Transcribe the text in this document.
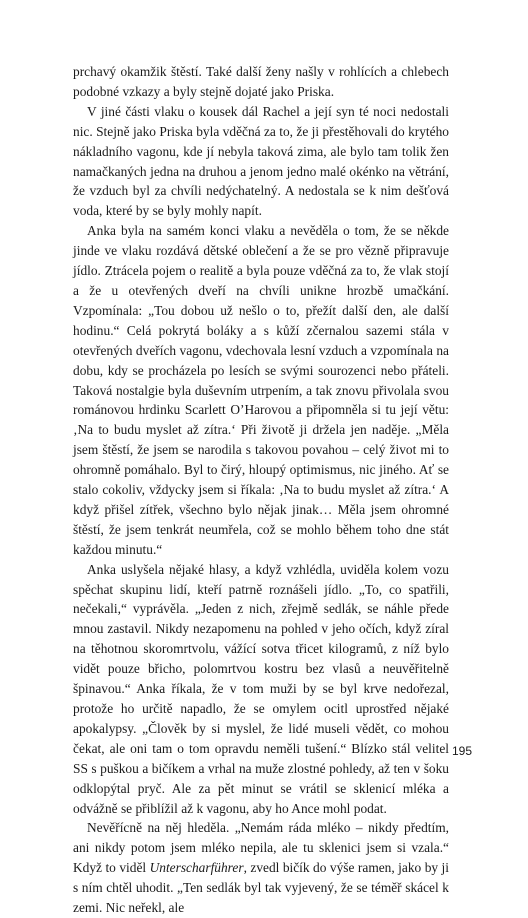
prchavý okamžik štěstí. Také další ženy našly v rohlících a chlebech podobné vzkazy a byly stejně dojaté jako Priska.

V jiné části vlaku o kousek dál Rachel a její syn té noci nedostali nic. Stejně jako Priska byla vděčná za to, že ji přestěhovali do krytého nákladního vagonu, kde jí nebyla taková zima, ale bylo tam tolik žen namačkaných jedna na druhou a jenom jedno malé okénko na větrání, že vzduch byl za chvíli nedýchatelný. A nedostala se k nim dešťová voda, které by se byly mohly napít.

Anka byla na samém konci vlaku a nevěděla o tom, že se někde jinde ve vlaku rozdává dětské oblečení a že se pro vězně připravuje jídlo. Ztrácela pojem o realitě a byla pouze vděčná za to, že vlak stojí a že u otevřených dveří na chvíli unikne hrozbě umačkání. Vzpomínala: „Tou dobou už nešlo o to, přežít další den, ale další hodinu.“ Celá pokrytá boláky a s kůží zčernalou sazemi stála v otevřených dveřích vagonu, vdechovala lesní vzduch a vzpomínala na dobu, kdy se procházela po lesích se svými sourozenci nebo přáteli. Taková nostalgie byla duševním utrpením, a tak znovu přivolala svou románovou hrdinku Scarlett O’Harovou a připomněla si tu její větu: ‚Na to budu myslet až zítra.‘ Při životě ji držela jen naděje. „Měla jsem štěstí, že jsem se narodila s takovou povahou – celý život mi to ohromně pomáhalo. Byl to čirý, hloupý optimismus, nic jiného. Ať se stalo cokoliv, vždycky jsem si říkala: ‚Na to budu myslet až zítra.‘ A když přišel zítřek, všechno bylo nějak jinak… Měla jsem ohromné štěstí, že jsem tenkrát neumřela, což se mohlo během toho dne stát každou minutu.“

Anka uslyšela nějaké hlasy, a když vzhlédla, uviděla kolem vozu spěchat skupinu lidí, kteří patrně roznášeli jídlo. „To, co spatřili, nečekali,“ vyprávěla. „Jeden z nich, zřejmě sedlák, se náhle přede mnou zastavil. Nikdy nezapomenu na pohled v jeho očích, když zíral na těhotnou skoromrtvolu, vážící sotva třicet kilogramů, z níž bylo vidět pouze břicho, polomrtvou kostru bez vlasů a neuvěřitelně špinavou.“ Anka říkala, že v tom muži by se byl krve nedořezal, protože ho určitě napadlo, že se omylem ocitl uprostřed nějaké apokalypsy. „Člověk by si myslel, že lidé museli vědět, co mohou čekat, ale oni tam o tom opravdu neměli tušení.“ Blízko stál velitel SS s puškou a bičíkem a vrhal na muže zlostné pohledy, až ten v šoku odklopýtal pryč. Ale za pět minut se vrátil se sklenicí mléka a odvážně se přiblížil až k vagonu, aby ho Ance mohl podat.

Nevěřícně na něj hleděla. „Nemám ráda mléko – nikdy předtím, ani nikdy potom jsem mléko nepila, ale tu sklenici jsem si vzala.“ Když to viděl Unterscharführer, zvedl bičík do výše ramen, jako by ji s ním chtěl uhodit. „Ten sedlák byl tak vyjevený, že se téměř skácel k zemi. Nic neřekl, ale

195
